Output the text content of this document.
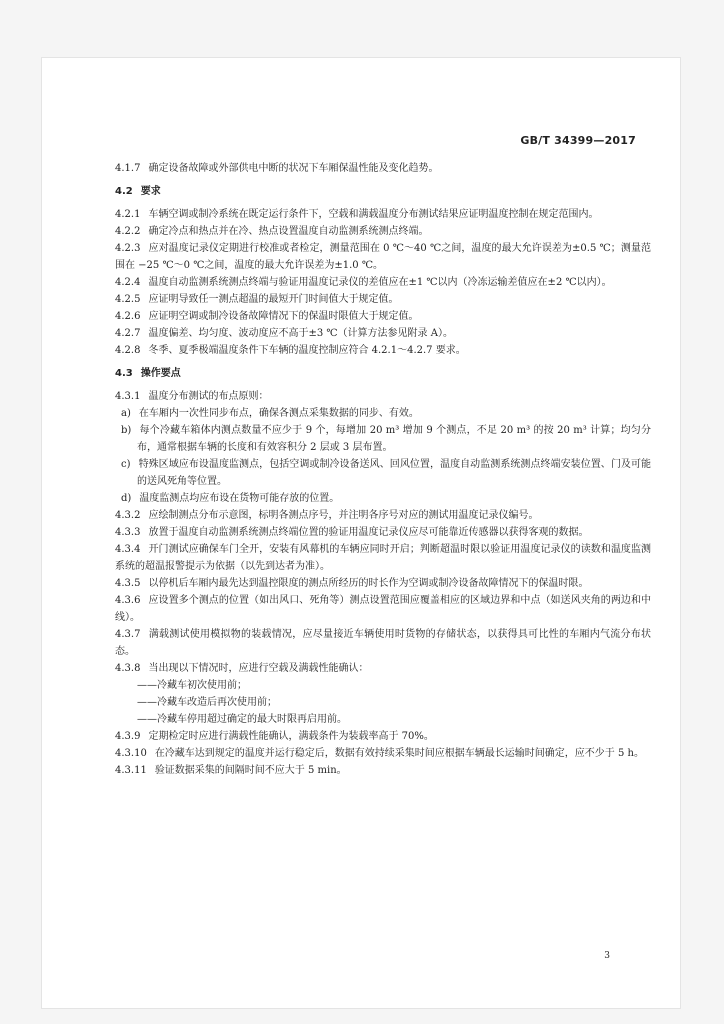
GB/T 34399—2017
4.1.7 确定设备故障或外部供电中断的状况下车厢保温性能及变化趋势。
4.2 要求
4.2.1 车辆空调或制冷系统在既定运行条件下，空载和满载温度分布测试结果应证明温度控制在规定范围内。
4.2.2 确定冷点和热点并在冷、热点设置温度自动监测系统测点终端。
4.2.3 应对温度记录仪定期进行校准或者检定，测量范围在 0 ℃～40 ℃之间，温度的最大允许误差为±0.5 ℃；测量范围在 −25 ℃～0 ℃之间，温度的最大允许误差为±1.0 ℃。
4.2.4 温度自动监测系统测点终端与验证用温度记录仪的差值应在±1 ℃以内（冷冻运输差值应在±2 ℃以内）。
4.2.5 应证明导致任一测点超温的最短开门时间值大于规定值。
4.2.6 应证明空调或制冷设备故障情况下的保温时限值大于规定值。
4.2.7 温度偏差、均匀度、波动度应不高于±3 ℃（计算方法参见附录 A）。
4.2.8 冬季、夏季极端温度条件下车辆的温度控制应符合 4.2.1～4.2.7 要求。
4.3 操作要点
4.3.1 温度分布测试的布点原则：
a) 在车厢内一次性同步布点，确保各测点采集数据的同步、有效。
b) 每个冷藏车箱体内测点数量不应少于 9 个，每增加 20 m³ 增加 9 个测点，不足 20 m³ 的按 20 m³ 计算；均匀分布，通常根据车辆的长度和有效容积分 2 层或 3 层布置。
c) 特殊区域应布设温度监测点，包括空调或制冷设备送风、回风位置，温度自动监测系统测点终端安装位置、门及可能的送风死角等位置。
d) 温度监测点均应布设在货物可能存放的位置。
4.3.2 应绘制测点分布示意图，标明各测点序号，并注明各序号对应的测试用温度记录仪编号。
4.3.3 放置于温度自动监测系统测点终端位置的验证用温度记录仪应尽可能靠近传感器以获得客观的数据。
4.3.4 开门测试应确保车门全开，安装有风幕机的车辆应同时开启；判断超温时限以验证用温度记录仪的读数和温度监测系统的超温报警提示为依据（以先到达者为准）。
4.3.5 以停机后车厢内最先达到温控限度的测点所经历的时长作为空调或制冷设备故障情况下的保温时限。
4.3.6 应设置多个测点的位置（如出风口、死角等）测点设置范围应覆盖相应的区域边界和中点（如送风夹角的两边和中线）。
4.3.7 满载测试使用模拟物的装载情况，应尽量接近车辆使用时货物的存储状态，以获得具可比性的车厢内气流分布状态。
4.3.8 当出现以下情况时，应进行空载及满载性能确认：
——冷藏车初次使用前；
——冷藏车改造后再次使用前；
——冷藏车停用超过确定的最大时限再启用前。
4.3.9 定期检定时应进行满载性能确认，满载条件为装载率高于 70%。
4.3.10 在冷藏车达到规定的温度并运行稳定后，数据有效持续采集时间应根据车辆最长运输时间确定，应不少于 5 h。
4.3.11 验证数据采集的间隔时间不应大于 5 min。
3
